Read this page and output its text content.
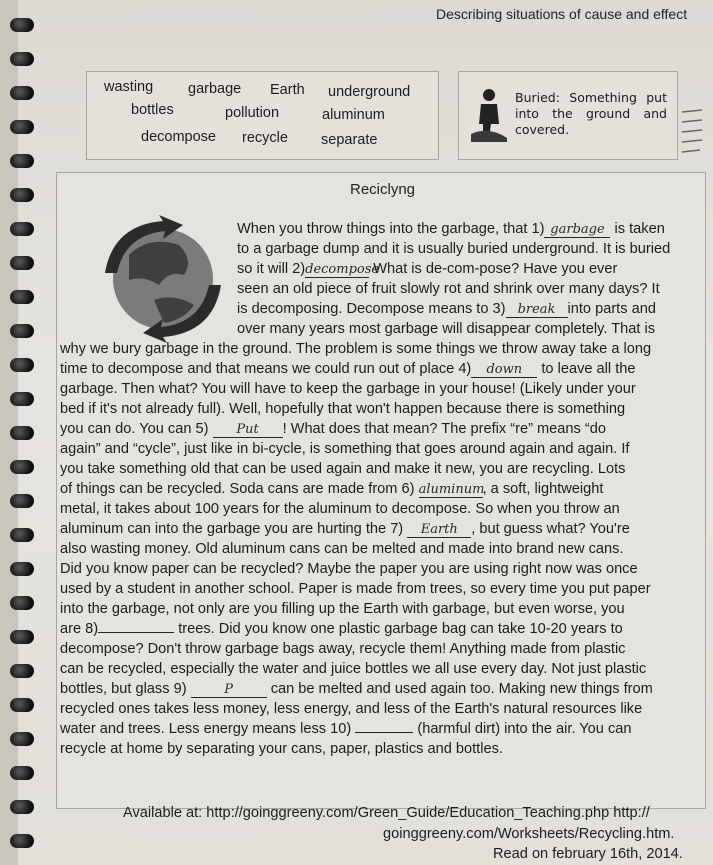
Describing situations of cause and effect
wasting garbage Earth underground
bottles	pollution	aluminum
decompose recycle separate
Buried: Something put into the ground and covered.
Reciclyng
When you throw things into the garbage, that 1) garbage is taken
to a garbage dump and it is usually buried underground. It is buried
so it will 2)decompose What is de-com-pose? Have you ever
seen an old piece of fruit slowly rot and shrink over many days? It
is decomposing. Decompose means to 3) break into parts and
over many years most garbage will disappear completely. That is
why we bury garbage in the ground. The problem is some things we throw away take a long
time to decompose and that means we could run out of place 4) down to leave all the
garbage. Then what? You will have to keep the garbage in your house! (Likely under your
bed if it's not already full). Well, hopefully that won't happen because there is something
you can do. You can 5) Put ! What does that mean? The prefix “re” means “do
again” and “cycle”, just like in bi-cycle, is something that goes around again and again. If
you take something old that can be used again and make it new, you are recycling. Lots
of things can be recycled. Soda cans are made from 6) aluminum, a soft, lightweight
metal, it takes about 100 years for the aluminum to decompose. So when you throw an
aluminum can into the garbage you are hurting the 7) Earth , but guess what? You're
also wasting money. Old aluminum cans can be melted and made into brand new cans.
Did you know paper can be recycled? Maybe the paper you are using right now was once
used by a student in another school. Paper is made from trees, so every time you put paper
into the garbage, not only are you filling up the Earth with garbage, but even worse, you
are 8)	trees. Did you know one plastic garbage bag can take 10-20 years to
decompose? Don't throw garbage bags away, recycle them! Anything made from plastic
can be recycled, especially the water and juice bottles we all use every day. Not just plastic
bottles, but glass 9)	P	can be melted and used again too. Making new things from
recycled ones takes less money, less energy, and less of the Earth's natural resources like
water and trees. Less energy means less 10)	(harmful dirt) into the air. You can
recycle at home by separating your cans, paper, plastics and bottles.
Available at: http://goinggreeny.com/Green_Guide/Education_Teaching.php http://
goinggreeny.com/Worksheets/Recycling.htm.
Read on february 16th, 2014.
